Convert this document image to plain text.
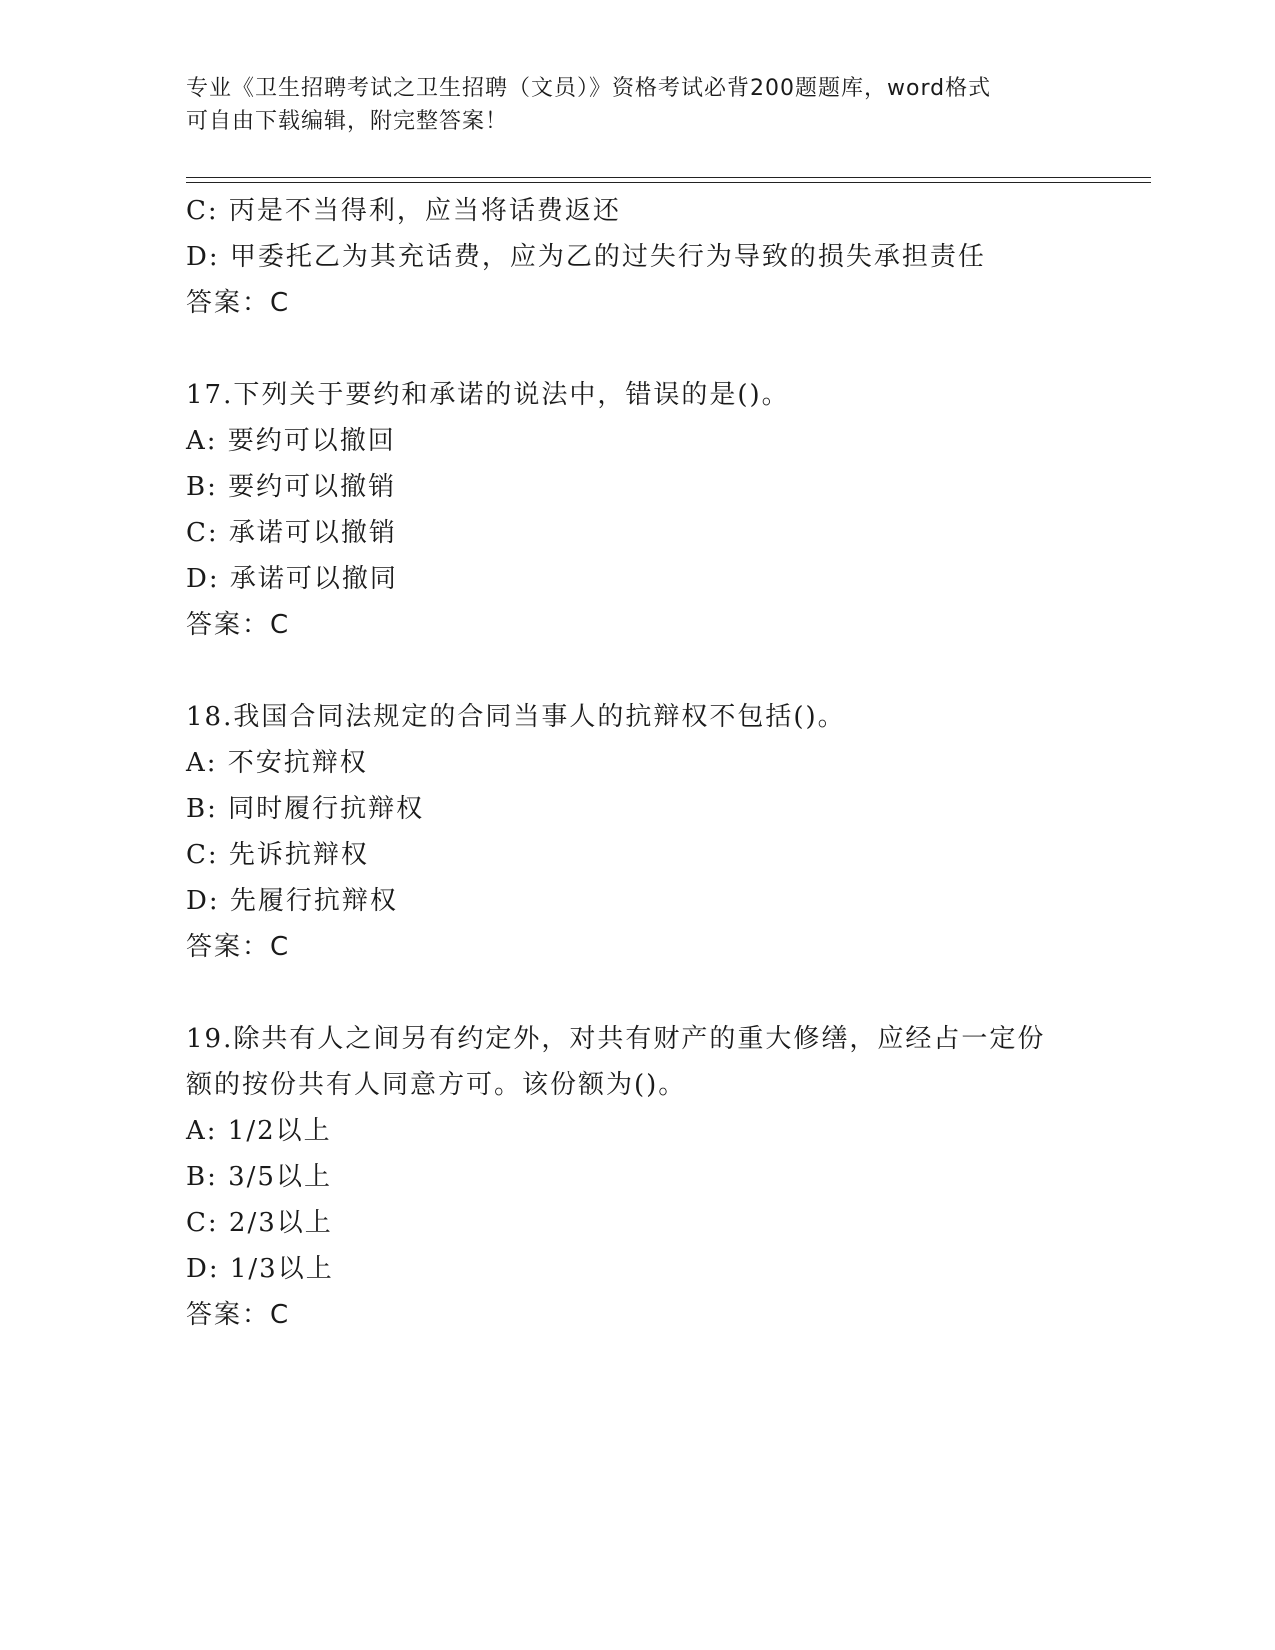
专业《卫生招聘考试之卫生招聘（文员）》资格考试必背200题题库，word格式
可自由下载编辑，附完整答案！
C: 丙是不当得利，应当将话费返还
D: 甲委托乙为其充话费，应为乙的过失行为导致的损失承担责任
答案：C
17.下列关于要约和承诺的说法中，错误的是()。
A: 要约可以撤回
B: 要约可以撤销
C: 承诺可以撤销
D: 承诺可以撤同
答案：C
18.我国合同法规定的合同当事人的抗辩权不包括()。
A: 不安抗辩权
B: 同时履行抗辩权
C: 先诉抗辩权
D: 先履行抗辩权
答案：C
19.除共有人之间另有约定外，对共有财产的重大修缮，应经占一定份
额的按份共有人同意方可。该份额为()。
A: 1/2以上
B: 3/5以上
C: 2/3以上
D: 1/3以上
答案：C
